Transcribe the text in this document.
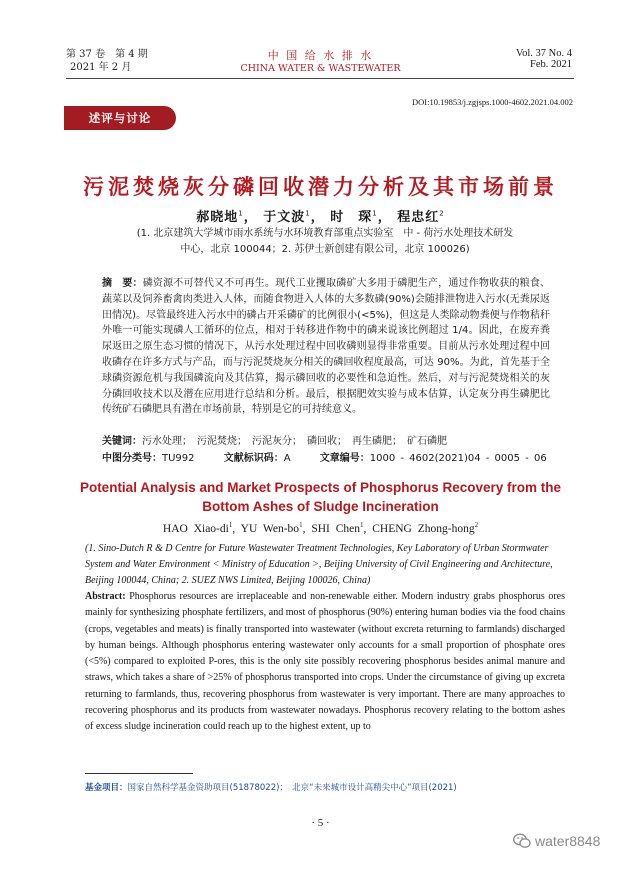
第 37 卷　第 4 期
2021 年 2 月
中 国 给 水 排 水
CHINA WATER & WASTEWATER
Vol. 37 No. 4
Feb. 2021
DOI:10.19853/j.zgjsps.1000-4602.2021.04.002
述评与讨论
污泥焚烧灰分磷回收潜力分析及其市场前景
郝晓地$^1$， 于文波$^1$， 时　琛$^1$， 程忠红$^2$
(1. 北京建筑大学城市雨水系统与水环境教育部重点实验室　中 - 荷污水处理技术研发
中心，北京 100044；2. 苏伊士新创建有限公司，北京 100026)
摘　要：磷资源不可替代又不可再生。现代工业攫取磷矿大多用于磷肥生产，通过作物收获的粮食、蔬菜以及饲养畜禽肉类进入人体，而随食物进入人体的大多数磷(90%)会随排泄物进入污水(无粪尿返田情况)。尽管最终进入污水中的磷占开采磷矿的比例很小(<5%)，但这是人类除动物粪便与作物秸秆外唯一可能实现磷人工循环的位点，相对于转移进作物中的磷来说该比例超过 1/4。因此，在废弃粪尿返田之原生态习惯的情况下，从污水处理过程中回收磷则显得非常重要。目前从污水处理过程中回收磷存在许多方式与产品，而与污泥焚烧灰分相关的磷回收程度最高，可达 90%。为此，首先基于全球磷资源危机与我国磷流向及其估算，揭示磷回收的必要性和急迫性。然后，对与污泥焚烧相关的灰分磷回收技术以及潜在应用进行总结和分析。最后，根据肥效实验与成本估算，认定灰分再生磷肥比传统矿石磷肥具有潜在市场前景，特别是它的可持续意义。
关键词：污水处理；　污泥焚烧；　污泥灰分；　磷回收；　再生磷肥；　矿石磷肥
中图分类号：TU992	文献标识码：A	文章编号：1000 - 4602(2021)04 - 0005 - 06
Potential Analysis and Market Prospects of Phosphorus Recovery from the Bottom Ashes of Sludge Incineration
HAO Xiao-$di^1$, YU Wen-$bo^1$, SHI Chen$^1$, CHENG Zhong-hong$^2$
(1. Sino-Dutch R & D Centre for Future Wastewater Treatment Technologies, Key Laboratory of Urban Stormwater System and Water Environment < Ministry of Education >, Beijing University of Civil Engineering and Architecture, Beijing 100044, China; 2. SUEZ NWS Limited, Beijing 100026, China)
Abstract: Phosphorus resources are irreplaceable and non-renewable either. Modern industry grabs phosphorus ores mainly for synthesizing phosphate fertilizers, and most of phosphorus (90%) entering human bodies via the food chains (crops, vegetables and meats) is finally transported into wastewater (without excreta returning to farmlands) discharged by human beings. Although phosphorus entering wastewater only accounts for a small proportion of phosphate ores (<5%) compared to exploited P-ores, this is the only site possibly recovering phosphorus besides animal manure and straws, which takes a share of >25% of phosphorus transported into crops. Under the circumstance of giving up excreta returning to farmlands, thus, recovering phosphorus from wastewater is very important. There are many approaches to recovering phosphorus and its products from wastewater nowadays. Phosphorus recovery relating to the bottom ashes of excess sludge incineration could reach up to the highest extent, up to
基金项目：国家自然科学基金资助项目(51878022)；　北京“未来城市设计高精尖中心”项目(2021)
· 5 ·
water8848
